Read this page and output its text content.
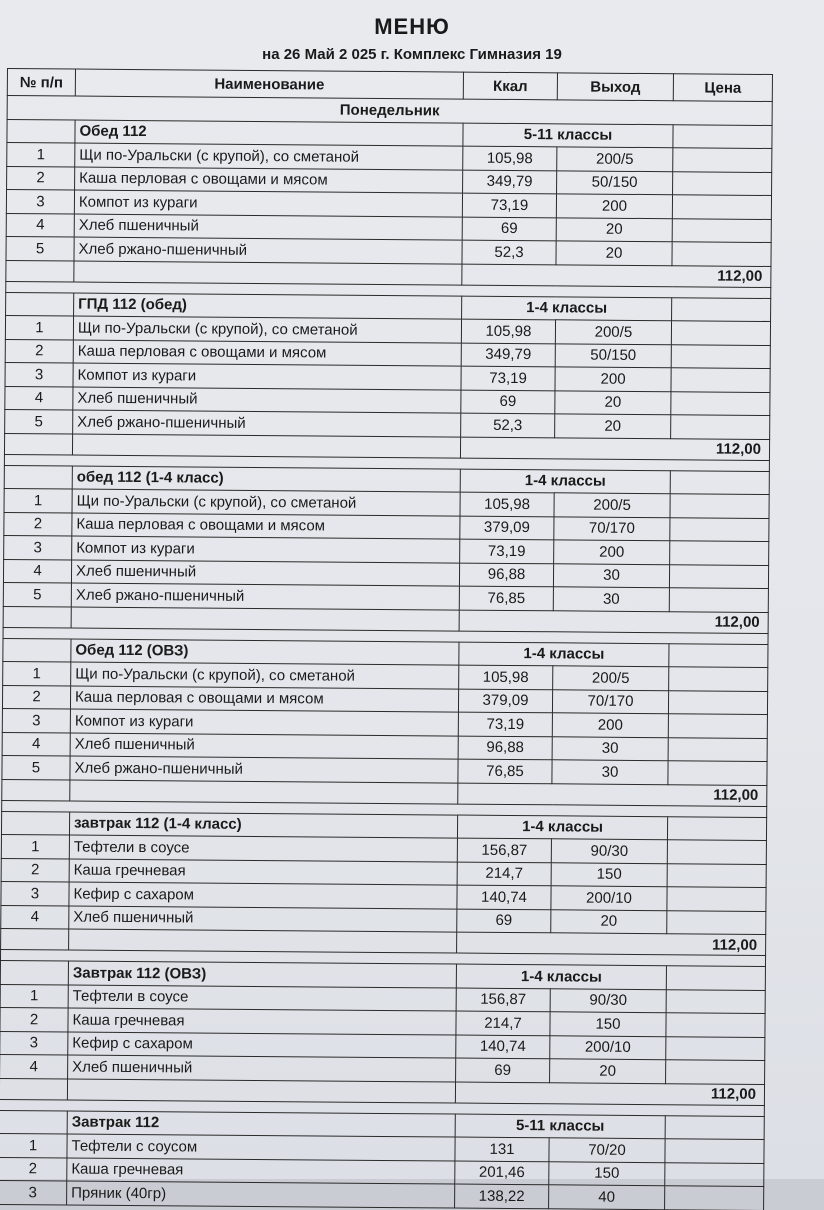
МЕНЮ
на 26 Май 2 025 г. Комплекс Гимназия 19
№ п/п	Наименование	Ккал	Выход	Цена
Понедельник				
	Обед 112	5-11 классы		
1	Щи по-Уральски (с крупой), со сметаной	105,98	200/5	
2	Каша перловая с овощами и мясом	349,79	50/150	
3	Компот из кураги	73,19	200	
4	Хлеб пшеничный	69	20	
5	Хлеб ржано-пшеничный	52,3	20	
		112,00		

	ГПД 112 (обед)	1-4 классы		
1	Щи по-Уральски (с крупой), со сметаной	105,98	200/5	
2	Каша перловая с овощами и мясом	349,79	50/150	
3	Компот из кураги	73,19	200	
4	Хлеб пшеничный	69	20	
5	Хлеб ржано-пшеничный	52,3	20	
		112,00		

	обед 112 (1-4 класс)	1-4 классы		
1	Щи по-Уральски (с крупой), со сметаной	105,98	200/5	
2	Каша перловая с овощами и мясом	379,09	70/170	
3	Компот из кураги	73,19	200	
4	Хлеб пшеничный	96,88	30	
5	Хлеб ржано-пшеничный	76,85	30	
		112,00		

	Обед 112 (ОВЗ)	1-4 классы		
1	Щи по-Уральски (с крупой), со сметаной	105,98	200/5	
2	Каша перловая с овощами и мясом	379,09	70/170	
3	Компот из кураги	73,19	200	
4	Хлеб пшеничный	96,88	30	
5	Хлеб ржано-пшеничный	76,85	30	
		112,00		

	завтрак 112 (1-4 класс)	1-4 классы		
1	Тефтели в соусе	156,87	90/30	
2	Каша гречневая	214,7	150	
3	Кефир с сахаром	140,74	200/10	
4	Хлеб пшеничный	69	20	
		112,00		

	Завтрак 112 (ОВЗ)	1-4 классы		
1	Тефтели в соусе	156,87	90/30	
2	Каша гречневая	214,7	150	
3	Кефир с сахаром	140,74	200/10	
4	Хлеб пшеничный	69	20	
		112,00		

	Завтрак 112	5-11 классы		
1	Тефтели с соусом	131	70/20	
2	Каша гречневая	201,46	150	
3	Пряник (40гр)	138,22	40	
